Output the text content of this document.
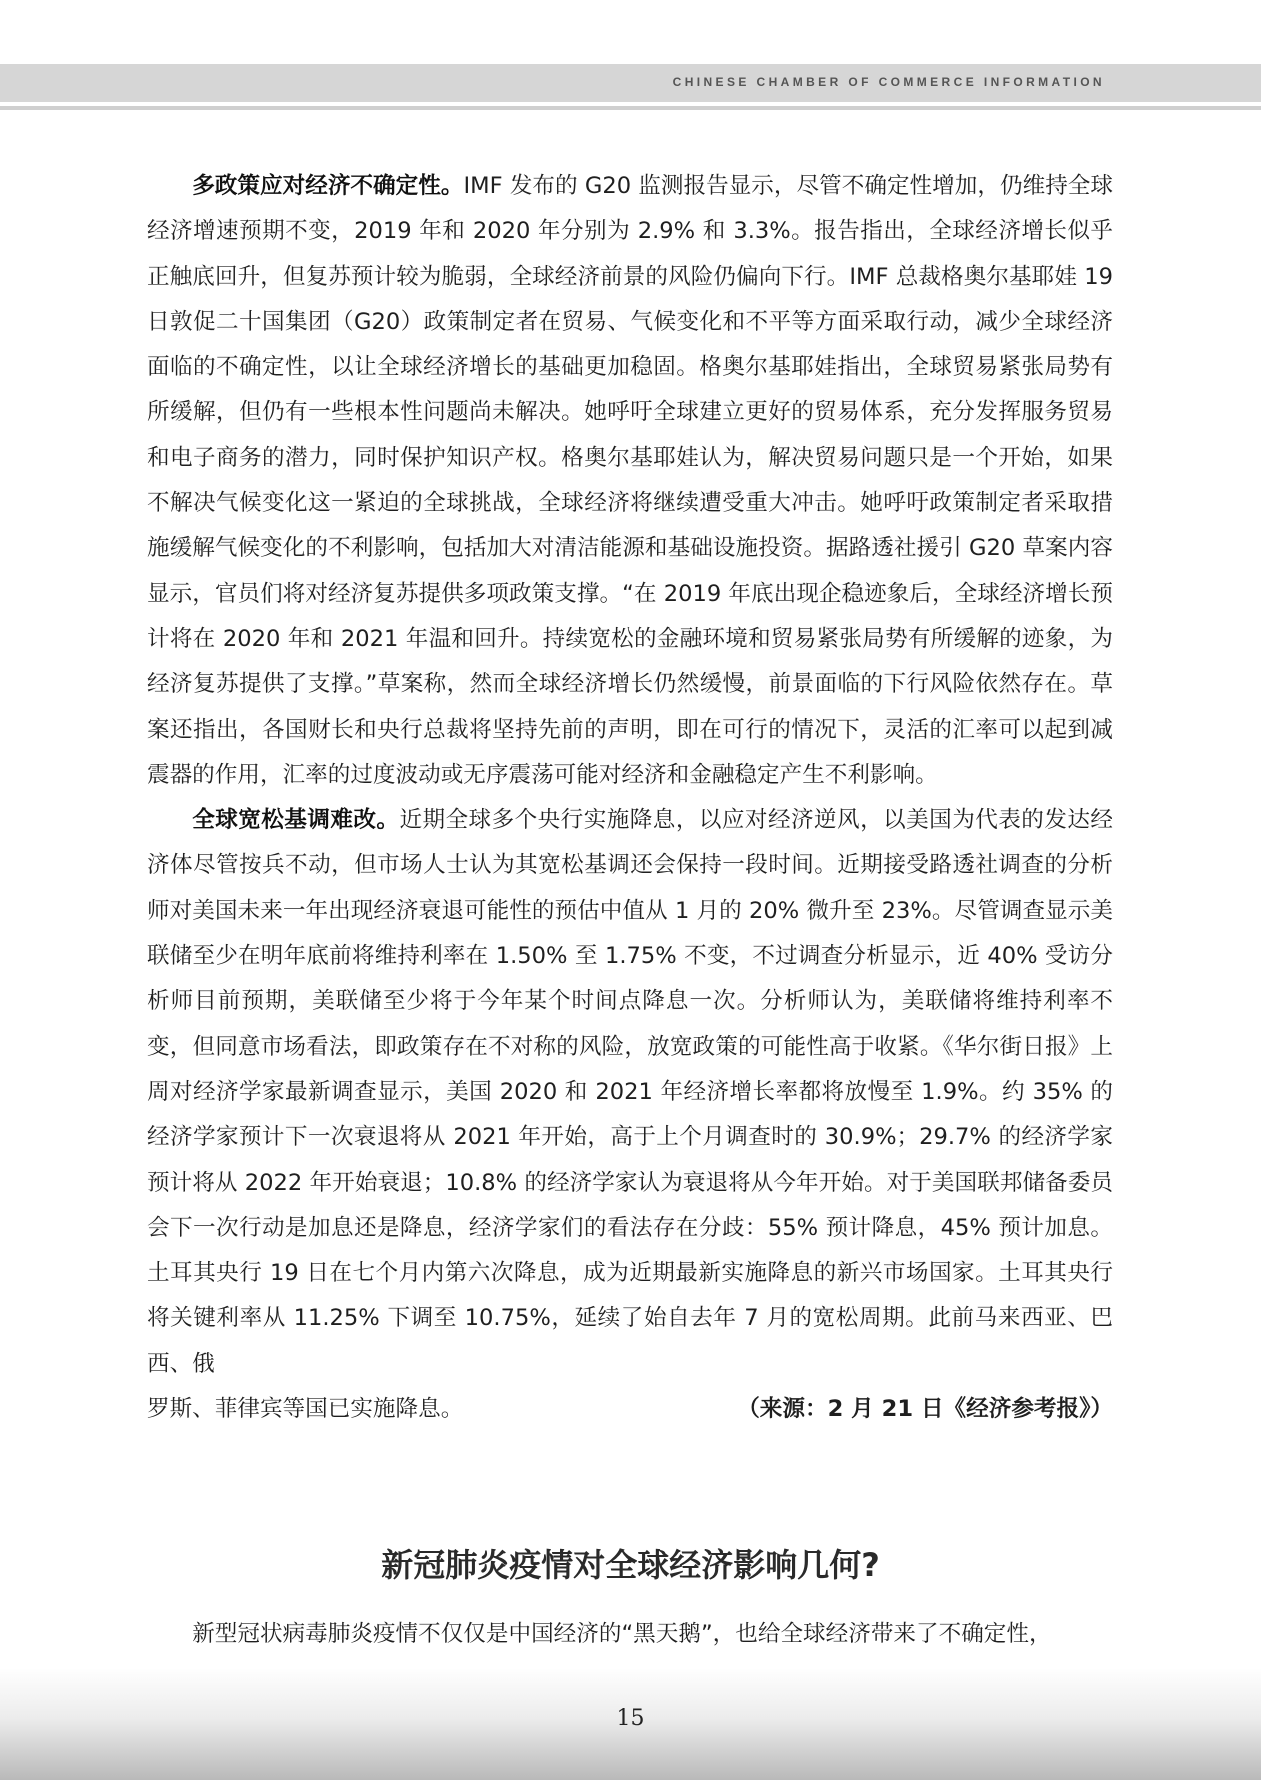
CHINESE CHAMBER OF COMMERCE INFORMATION

多政策应对经济不确定性。IMF 发布的 G20 监测报告显示，尽管不确定性增加，仍维持全球经济增速预期不变，2019 年和 2020 年分别为 2.9% 和 3.3%。报告指出，全球经济增长似乎正触底回升，但复苏预计较为脆弱，全球经济前景的风险仍偏向下行。IMF 总裁格奥尔基耶娃 19 日敦促二十国集团（G20）政策制定者在贸易、气候变化和不平等方面采取行动，减少全球经济面临的不确定性，以让全球经济增长的基础更加稳固。格奥尔基耶娃指出，全球贸易紧张局势有所缓解，但仍有一些根本性问题尚未解决。她呼吁全球建立更好的贸易体系，充分发挥服务贸易和电子商务的潜力，同时保护知识产权。格奥尔基耶娃认为，解决贸易问题只是一个开始，如果不解决气候变化这一紧迫的全球挑战，全球经济将继续遭受重大冲击。她呼吁政策制定者采取措施缓解气候变化的不利影响，包括加大对清洁能源和基础设施投资。据路透社援引 G20 草案内容显示，官员们将对经济复苏提供多项政策支撑。“在 2019 年底出现企稳迹象后，全球经济增长预计将在 2020 年和 2021 年温和回升。持续宽松的金融环境和贸易紧张局势有所缓解的迹象，为经济复苏提供了支撑。”草案称，然而全球经济增长仍然缓慢，前景面临的下行风险依然存在。草案还指出，各国财长和央行总裁将坚持先前的声明，即在可行的情况下，灵活的汇率可以起到减震器的作用，汇率的过度波动或无序震荡可能对经济和金融稳定产生不利影响。

全球宽松基调难改。近期全球多个央行实施降息，以应对经济逆风，以美国为代表的发达经济体尽管按兵不动，但市场人士认为其宽松基调还会保持一段时间。近期接受路透社调查的分析师对美国未来一年出现经济衰退可能性的预估中值从 1 月的 20% 微升至 23%。尽管调查显示美联储至少在明年底前将维持利率在 1.50% 至 1.75% 不变，不过调查分析显示，近 40% 受访分析师目前预期，美联储至少将于今年某个时间点降息一次。分析师认为，美联储将维持利率不变，但同意市场看法，即政策存在不对称的风险，放宽政策的可能性高于收紧。《华尔街日报》上周对经济学家最新调查显示，美国 2020 和 2021 年经济增长率都将放慢至 1.9%。约 35% 的经济学家预计下一次衰退将从 2021 年开始，高于上个月调查时的 30.9%；29.7% 的经济学家预计将从 2022 年开始衰退；10.8% 的经济学家认为衰退将从今年开始。对于美国联邦储备委员会下一次行动是加息还是降息，经济学家们的看法存在分歧：55% 预计降息，45% 预计加息。土耳其央行 19 日在七个月内第六次降息，成为近期最新实施降息的新兴市场国家。土耳其央行将关键利率从 11.25% 下调至 10.75%，延续了始自去年 7 月的宽松周期。此前马来西亚、巴西、俄

罗斯、菲律宾等国已实施降息。	（来源：2 月 21 日《经济参考报》）
新冠肺炎疫情对全球经济影响几何?

新型冠状病毒肺炎疫情不仅仅是中国经济的“黑天鹅”，也给全球经济带来了不确定性，

15
